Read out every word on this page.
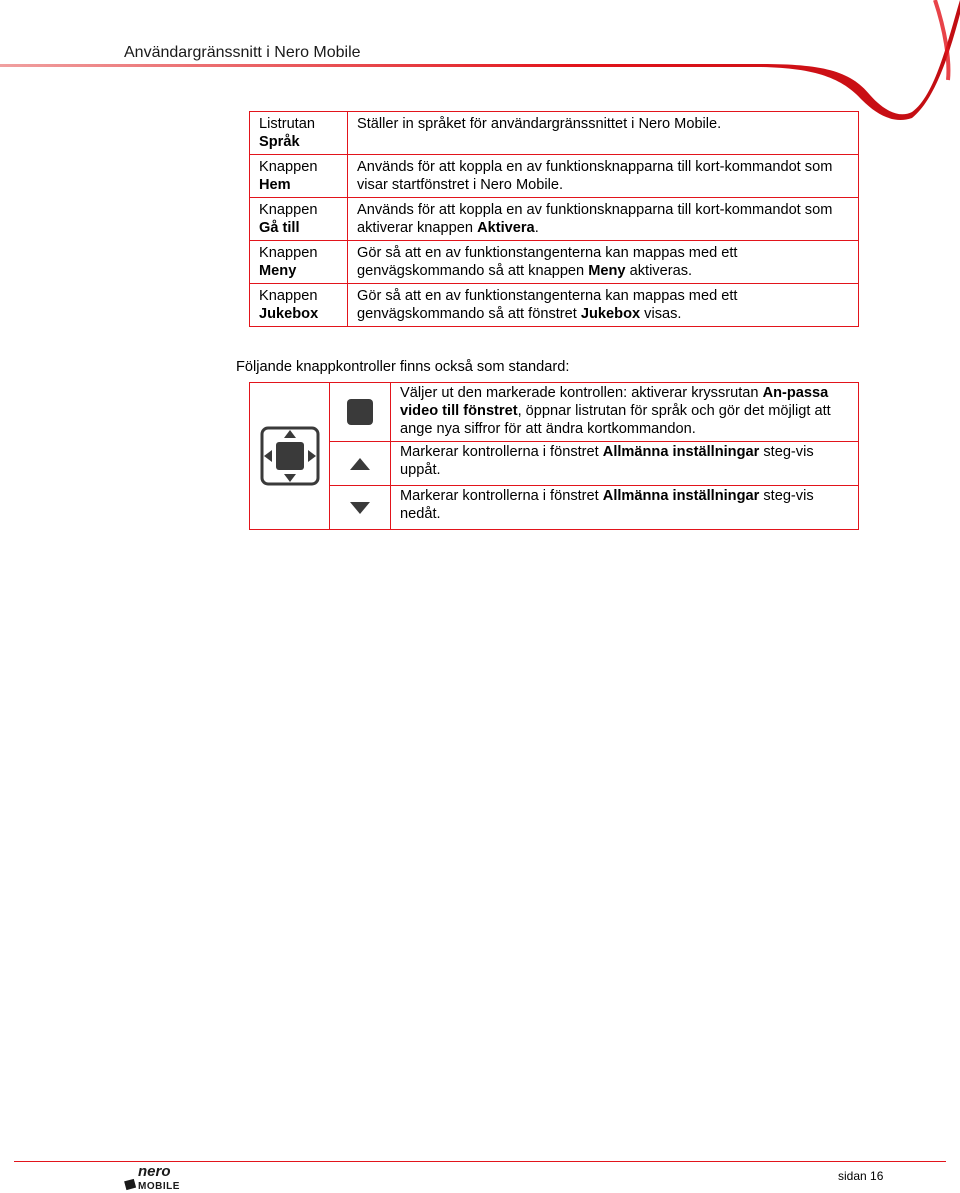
Användargränssnitt i Nero Mobile
Listrutan
Språk	Ställer in språket för användargränssnittet i Nero Mobile.
Knappen
Hem	Används för att koppla en av funktionsknapparna till kort-kommandot som visar startfönstret i Nero Mobile.
Knappen
Gå till	Används för att koppla en av funktionsknapparna till kort-kommandot som aktiverar knappen Aktivera.
Knappen
Meny	Gör så att en av funktionstangenterna kan mappas med ett genvägskommando så att knappen Meny aktiveras.
Knappen
Jukebox	Gör så att en av funktionstangenterna kan mappas med ett genvägskommando så att fönstret Jukebox visas.
Följande knappkontroller finns också som standard:

	Väljer ut den markerade kontrollen: aktiverar kryssrutan An-passa video till fönstret, öppnar listrutan för språk och gör det möjligt att ange nya siffror för att ändra kortkommandon.

	Markerar kontrollerna i fönstret Allmänna inställningar steg-vis uppåt.

	Markerar kontrollerna i fönstret Allmänna inställningar steg-vis nedåt.
nero
MOBILE
sidan 16
